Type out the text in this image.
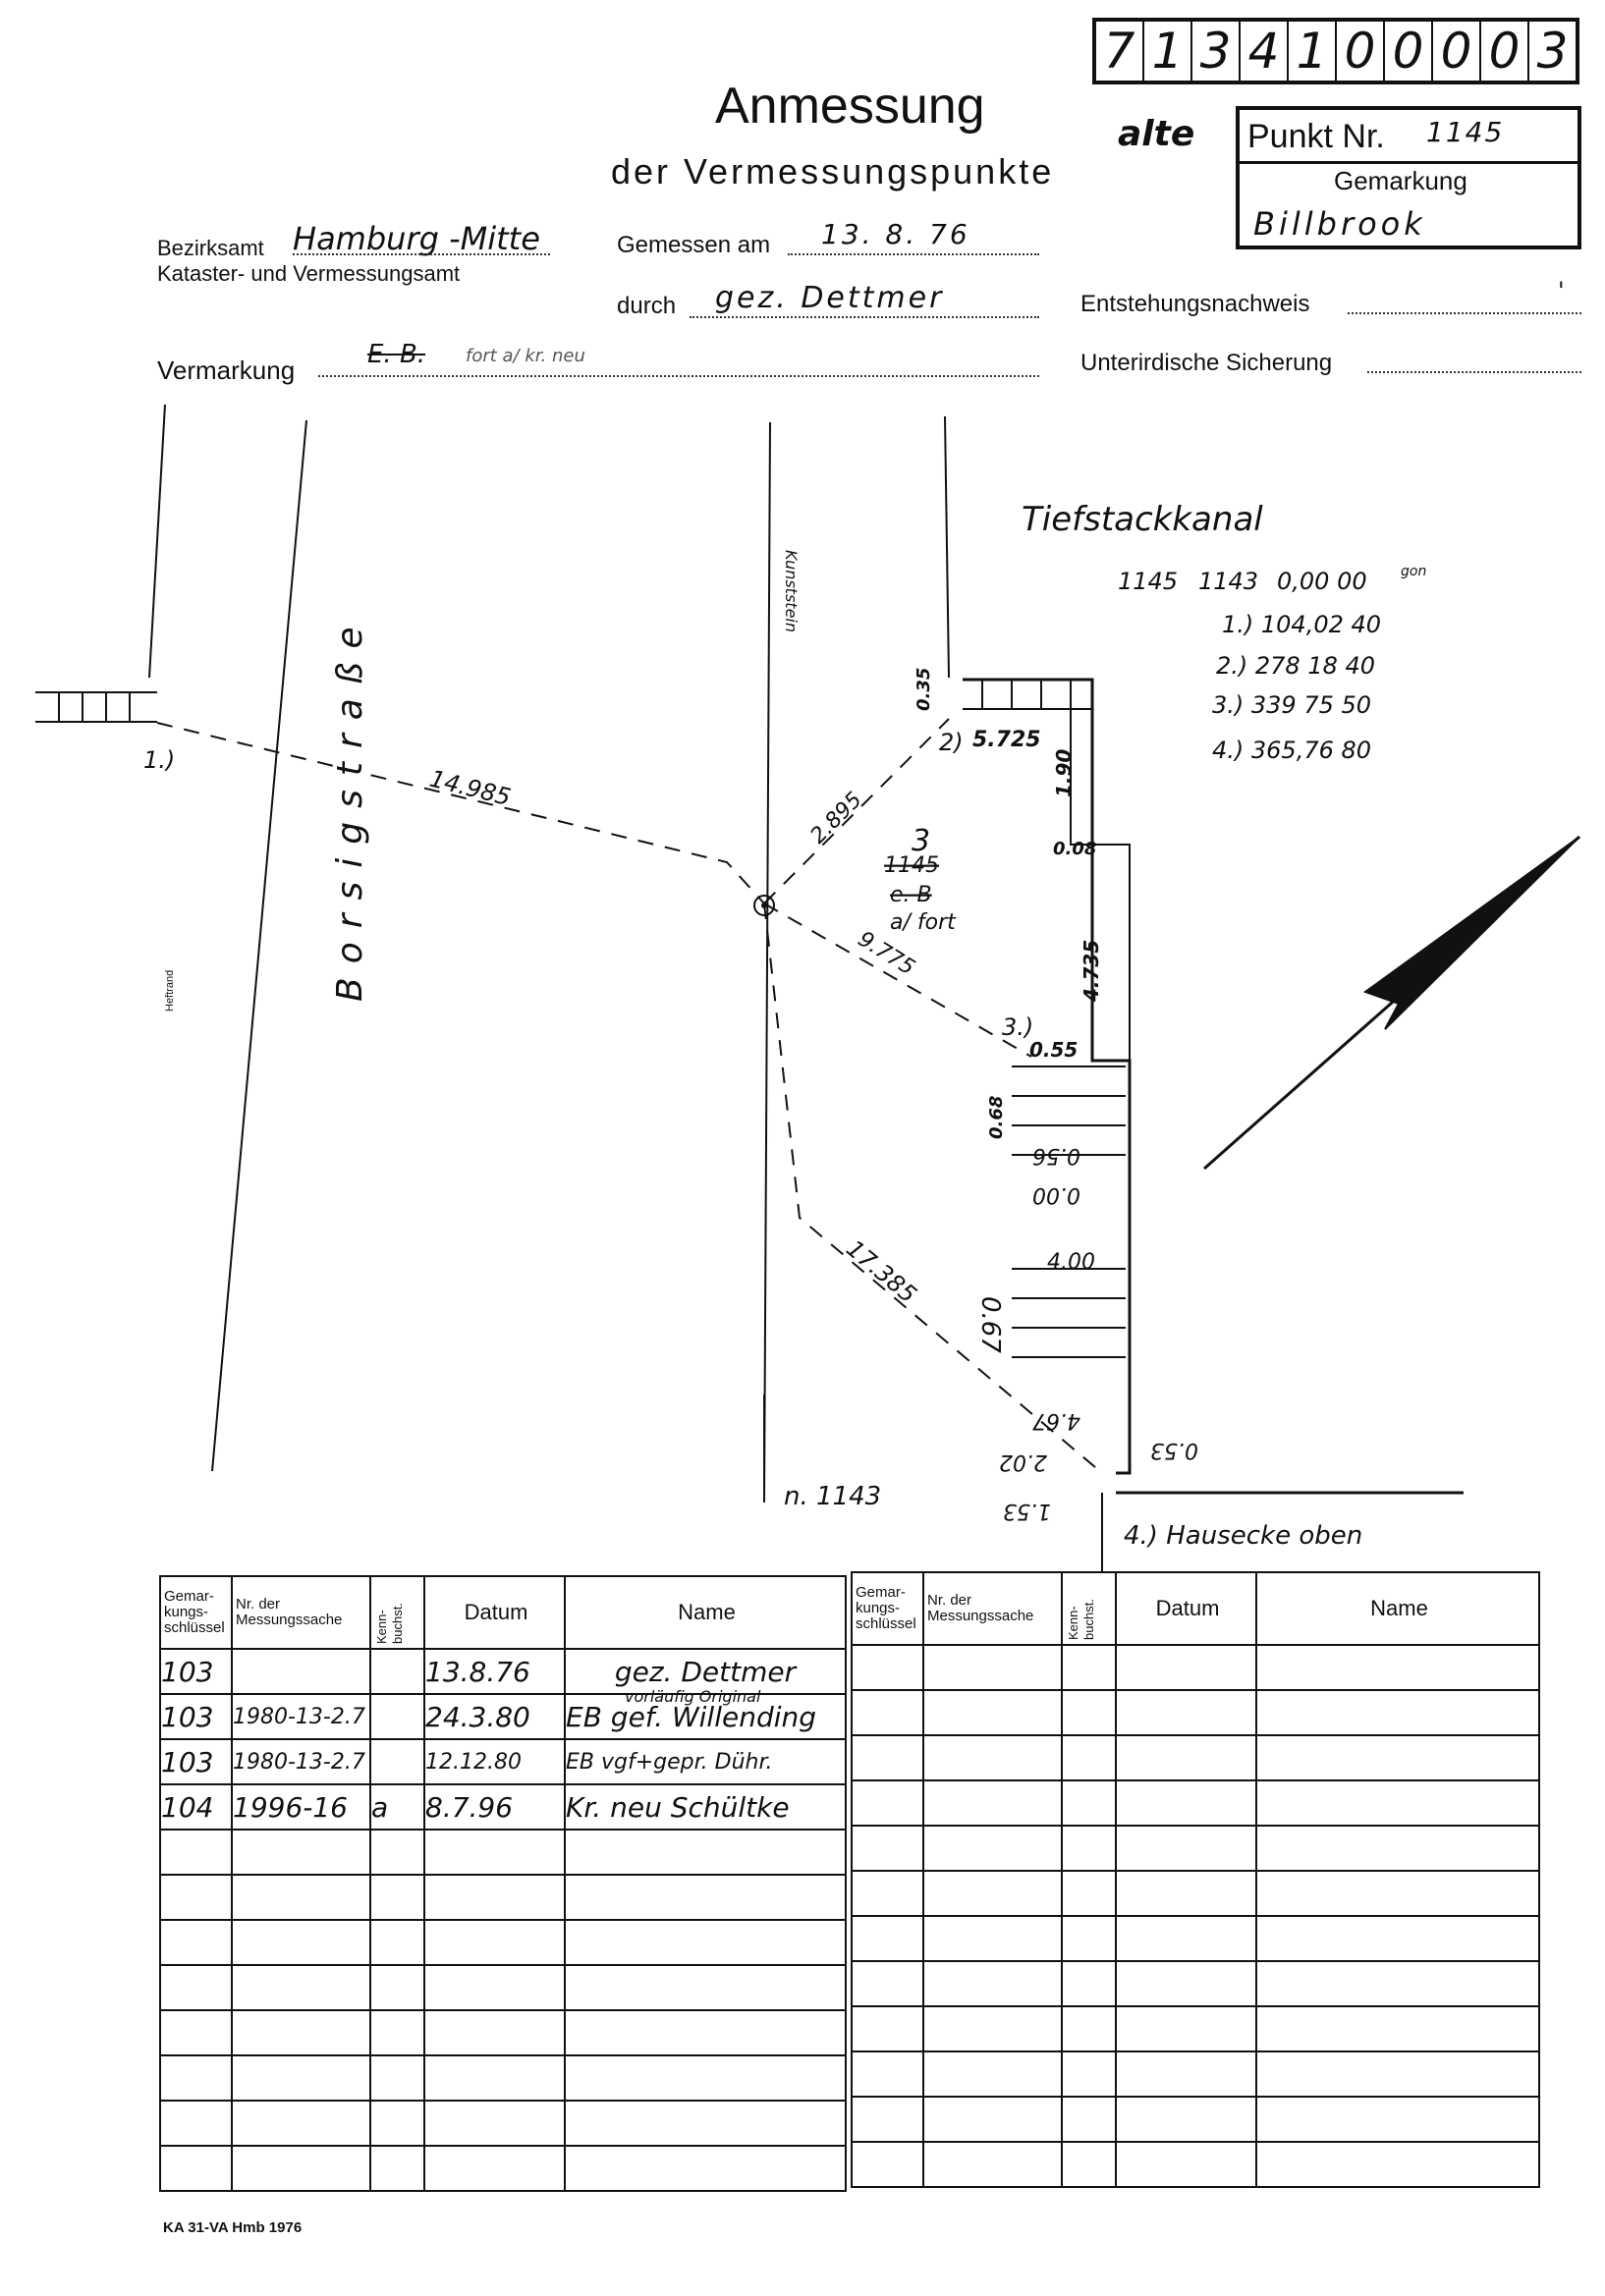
7 1 3 4 1 0 0 0 0 3
Anmessung
der Vermessungspunkte
alte Punkt Nr. 1145
Gemarkung
Billbrook
Bezirksamt Hamburg -Mitte
Kataster- und Vermessungsamt
Gemessen am 13. 8. 76
durch gez. Dettmer	Entstehungsnachweis	'
Vermarkung
E. B. fort a/ kr. neu	Unterirdische Sicherung
Tiefstackkanal
Borsigstraße
Kunststein
Heftrand
1145 1143 0,00 00 gon
1.) 104,02 40
2.) 278 18 40
3.) 339 75 50
4.) 365,76 80
14.985	2.895
9.775
17.385
5.725
0.35
1.90
0.08
4.735
0.55
0.68
0.56
0.00
4.00
0.67
4.67
2.02	0.53
1.53
1.)
2)
3.)
4.) Hausecke oben
3
1145
e. B
a/ fort
n. 1143
Gemar-kungs-schlüssel	Nr. der Messungssache	Kenn-buchst.	Datum	Name
103			13.8.76	gez. Dettmer
103	1980-13-2.7		24.3.80	vorläufig Original
EB gef. Willending
103	1980-13-2.7		12.12.80	EB vgf+gepr. Dühr.
104	1996-16	a	8.7.96	Kr. neu Schültke

Gemar-kungs-schlüssel	Nr. der Messungssache	Kenn-buchst.	Datum	Name

KA 31-VA Hmb 1976
